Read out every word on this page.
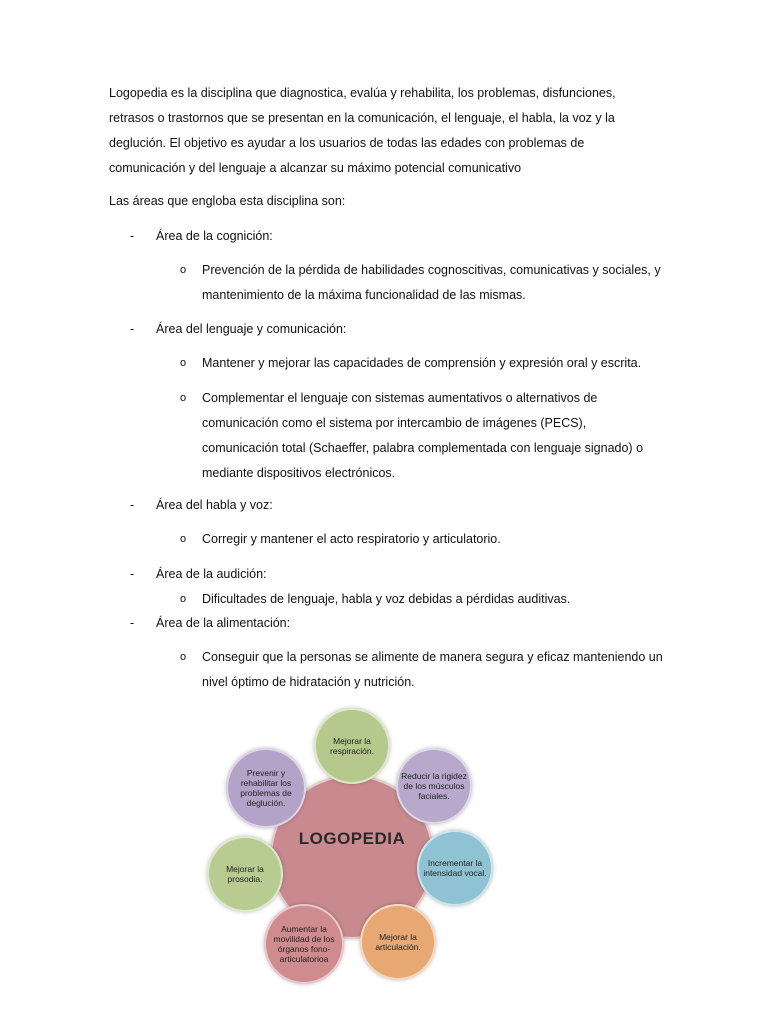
Logopedia es la disciplina que diagnostica, evalúa y rehabilita, los problemas, disfunciones, retrasos o trastornos que se presentan en la comunicación, el lenguaje, el habla, la voz y la deglución. El objetivo es ayudar a los usuarios de todas las edades con problemas de comunicación y del lenguaje a alcanzar su máximo potencial comunicativo

Las áreas que engloba esta disciplina son:

- Área de la cognición:
o Prevención de la pérdida de habilidades cognoscitivas, comunicativas y sociales, y mantenimiento de la máxima funcionalidad de las mismas.
- Área del lenguaje y comunicación:
o Mantener y mejorar las capacidades de comprensión y expresión oral y escrita.
o Complementar el lenguaje con sistemas aumentativos o alternativos de comunicación como el sistema por intercambio de imágenes (PECS), comunicación total (Schaeffer, palabra complementada con lenguaje signado) o mediante dispositivos electrónicos.
- Área del habla y voz:
o Corregir y mantener el acto respiratorio y articulatorio.
- Área de la audición:
o Dificultades de lenguaje, habla y voz debidas a pérdidas auditivas.
- Área de la alimentación:
o Conseguir que la personas se alimente de manera segura y eficaz manteniendo un nivel óptimo de hidratación y nutrición.
LOGOPEDIA
Mejorar la respiración.
Reducir la rigidez de los músculos faciales.
Incrementar la intensidad vocal.
Mejorar la articulación.
Aumentar la movilidad de los órganos fono-articulatorioa
Mejorar la prosodia.
Prevenir y rehabilitar los problemas de deglución.
